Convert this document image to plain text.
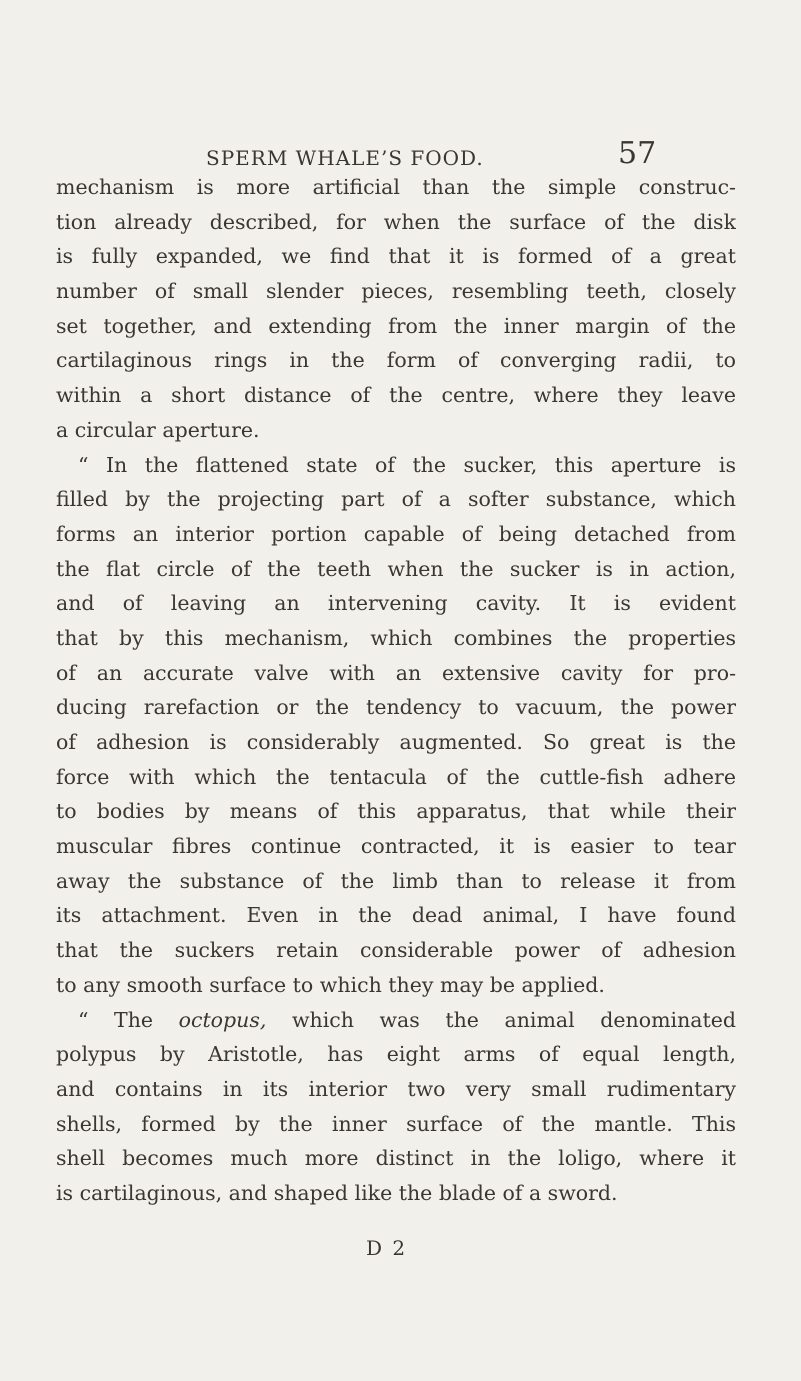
SPERM WHALE’S FOOD.	57
mechanism is more artificial than the simple construc-
tion already described, for when the surface of the disk
is fully expanded, we find that it is formed of a great
number of small slender pieces, resembling teeth, closely
set together, and extending from the inner margin of the
cartilaginous rings in the form of converging radii, to
within a short distance of the centre, where they leave
a circular aperture.
“ In the flattened state of the sucker, this aperture is
filled by the projecting part of a softer substance, which
forms an interior portion capable of being detached from
the flat circle of the teeth when the sucker is in action,
and of leaving an intervening cavity. It is evident
that by this mechanism, which combines the properties
of an accurate valve with an extensive cavity for pro-
ducing rarefaction or the tendency to vacuum, the power
of adhesion is considerably augmented. So great is the
force with which the tentacula of the cuttle-fish adhere
to bodies by means of this apparatus, that while their
muscular fibres continue contracted, it is easier to tear
away the substance of the limb than to release it from
its attachment. Even in the dead animal, I have found
that the suckers retain considerable power of adhesion
to any smooth surface to which they may be applied.
“ The octopus, which was the animal denominated
polypus by Aristotle, has eight arms of equal length,
and contains in its interior two very small rudimentary
shells, formed by the inner surface of the mantle. This
shell becomes much more distinct in the loligo, where it
is cartilaginous, and shaped like the blade of a sword.
D 2
